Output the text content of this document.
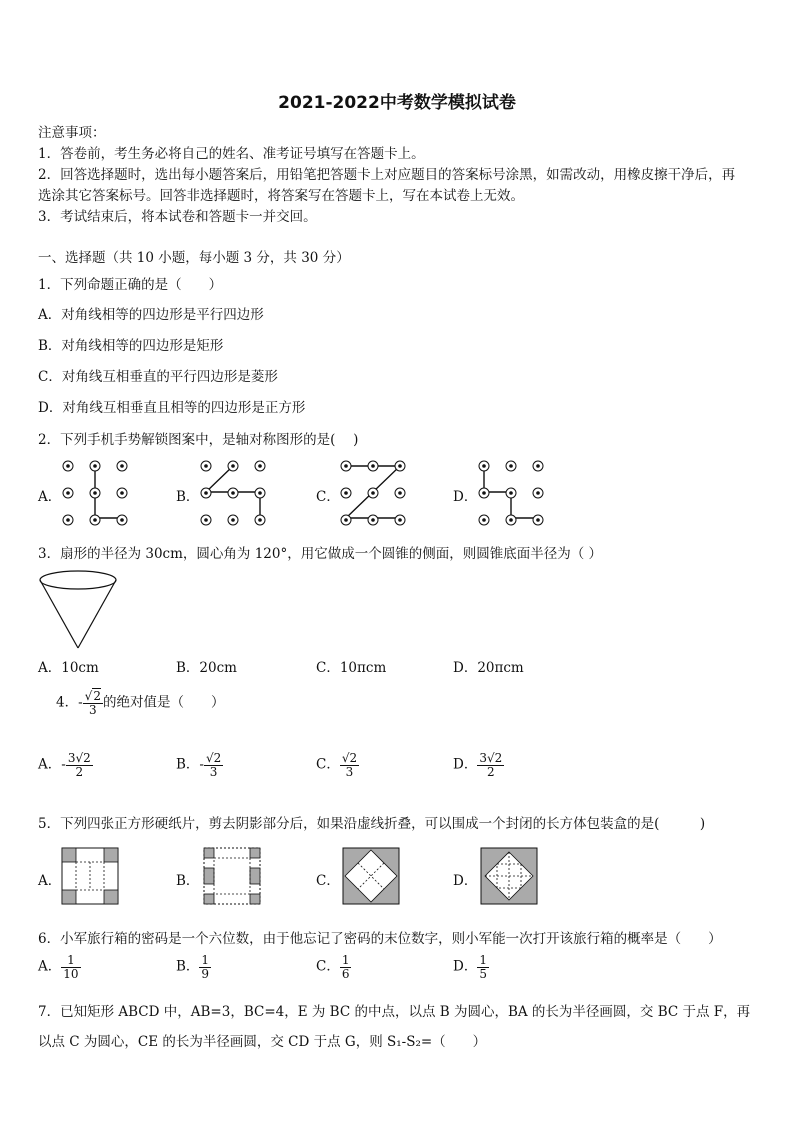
2021-2022中考数学模拟试卷
注意事项：
1．答卷前，考生务必将自己的姓名、准考证号填写在答题卡上。
2．回答选择题时，选出每小题答案后，用铅笔把答题卡上对应题目的答案标号涂黑，如需改动，用橡皮擦干净后，再
选涂其它答案标号。回答非选择题时，将答案写在答题卡上，写在本试卷上无效。
3．考试结束后，将本试卷和答题卡一并交回。
一、选择题（共 10 小题，每小题 3 分，共 30 分）
1．下列命题正确的是（　　）
A．对角线相等的四边形是平行四边形
B．对角线相等的四边形是矩形
C．对角线互相垂直的平行四边形是菱形
D．对角线互相垂直且相等的四边形是正方形
2．下列手机手势解锁图案中，是轴对称图形的是(　 )
A．	B．	C．	D．
3．扇形的半径为 30cm，圆心角为 120°，用它做成一个圆锥的侧面，则圆锥底面半径为（ ）
A．10cm	B．20cm	C．10πcm	D．20πcm
4．- $\frac{√2}{3}$ 的绝对值是（　　）
A．- $\frac{3√2}{2}$	B．- $\frac{√2}{3}$	C． $\frac{√2}{3}$	D． $\frac{3√2}{2}$
5．下列四张正方形硬纸片，剪去阴影部分后，如果沿虚线折叠，可以围成一个封闭的长方体包装盒的是(　　　)
A．	B．	C．	D．
6．小军旅行箱的密码是一个六位数，由于他忘记了密码的末位数字，则小军能一次打开该旅行箱的概率是（　　）
A． $\frac{1}{10}$	B． $\frac{1}{9}$	C． $\frac{1}{6}$	D． $\frac{1}{5}$
7．已知矩形 ABCD 中，AB=3，BC=4，E 为 BC 的中点，以点 B 为圆心，BA 的长为半径画圆，交 BC 于点 F，再
以点 C 为圆心，CE 的长为半径画圆，交 CD 于点 G，则 S₁-S₂=（　　）
